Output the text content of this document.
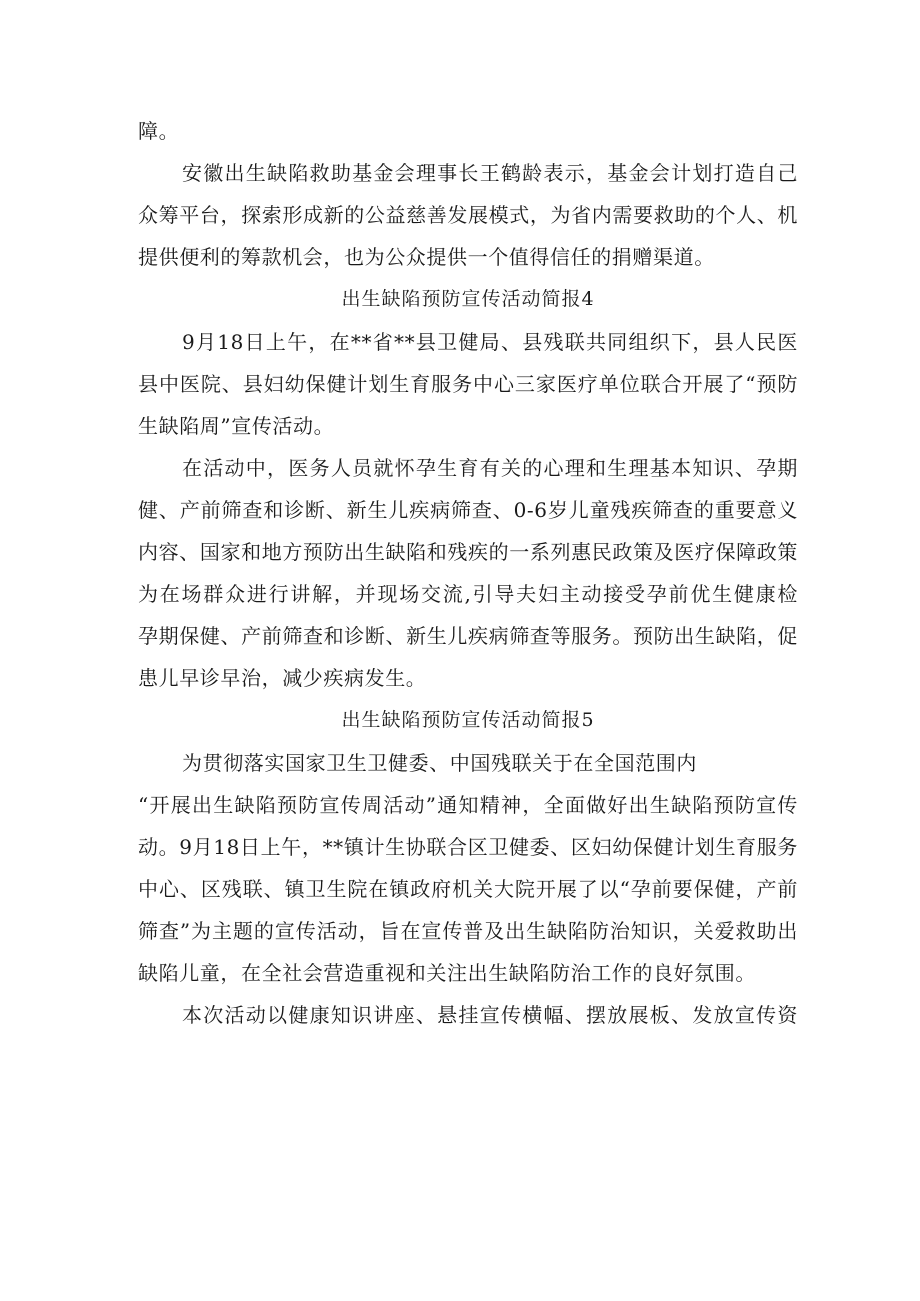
障。
安徽出生缺陷救助基金会理事长王鹤龄表示，基金会计划打造自己
众筹平台，探索形成新的公益慈善发展模式，为省内需要救助的个人、机
提供便利的筹款机会，也为公众提供一个值得信任的捐赠渠道。
出生缺陷预防宣传活动简报4
9月18日上午，在**省**县卫健局、县残联共同组织下，县人民医
县中医院、县妇幼保健计划生育服务中心三家医疗单位联合开展了“预防
生缺陷周”宣传活动。
在活动中，医务人员就怀孕生育有关的心理和生理基本知识、孕期
健、产前筛查和诊断、新生儿疾病筛查、0-6岁儿童残疾筛查的重要意义
内容、国家和地方预防出生缺陷和残疾的一系列惠民政策及医疗保障政策
为在场群众进行讲解，并现场交流,引导夫妇主动接受孕前优生健康检
孕期保健、产前筛查和诊断、新生儿疾病筛查等服务。预防出生缺陷，促
患儿早诊早治，减少疾病发生。
出生缺陷预防宣传活动简报5
为贯彻落实国家卫生卫健委、中国残联关于在全国范围内
“开展出生缺陷预防宣传周活动”通知精神，全面做好出生缺陷预防宣传
动。9月18日上午，**镇计生协联合区卫健委、区妇幼保健计划生育服务
中心、区残联、镇卫生院在镇政府机关大院开展了以“孕前要保健，产前
筛查”为主题的宣传活动，旨在宣传普及出生缺陷防治知识，关爱救助出
缺陷儿童，在全社会营造重视和关注出生缺陷防治工作的良好氛围。
本次活动以健康知识讲座、悬挂宣传横幅、摆放展板、发放宣传资
